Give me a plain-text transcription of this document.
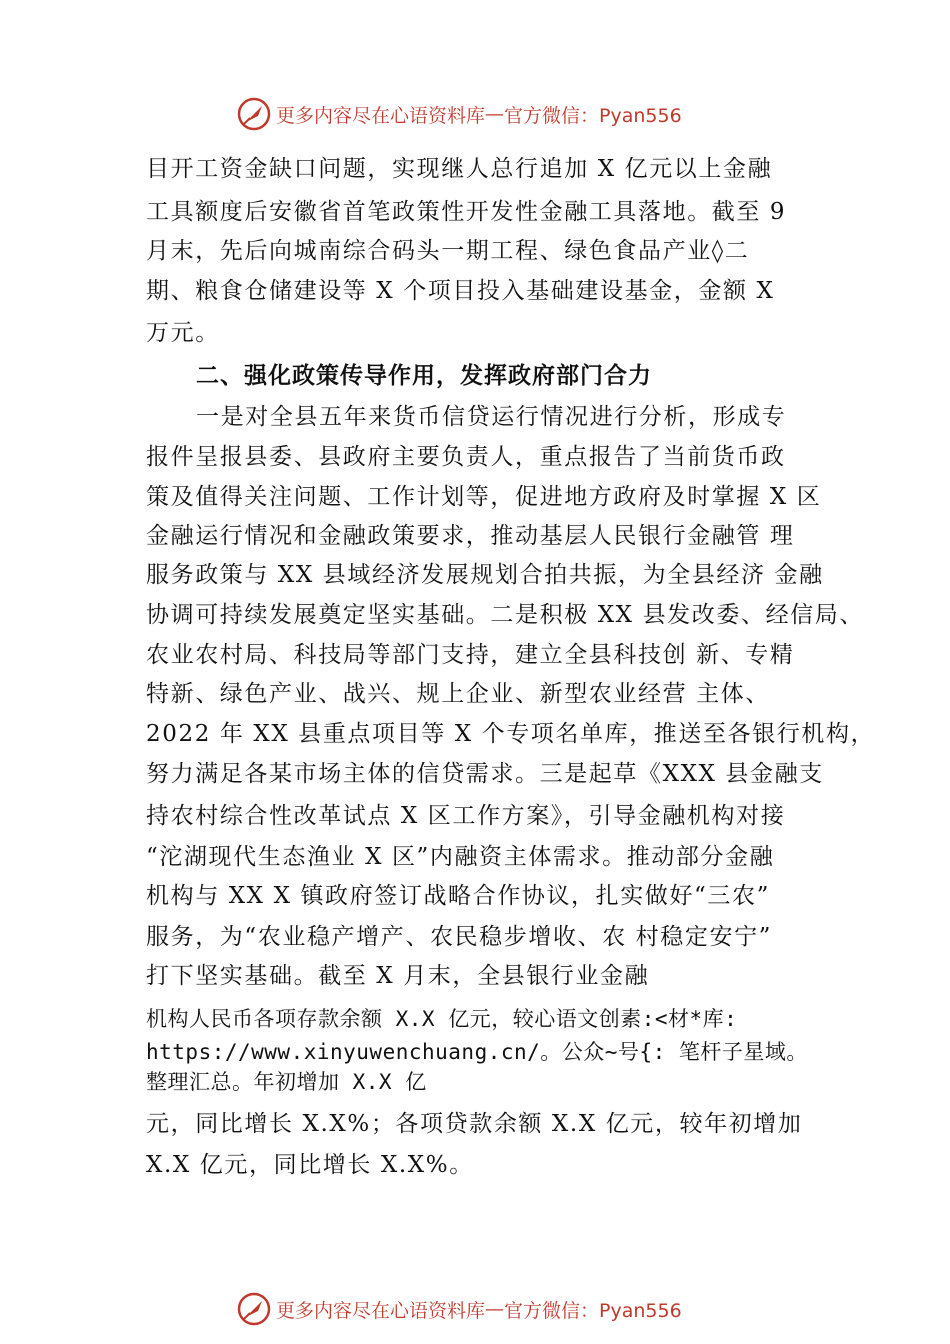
更多内容尽在心语资料库 — 官方微信：Pyan556
目开工资金缺口问题，实现继人总行追加 X 亿元以上金融
工具额度后安徽省首笔政策性开发性金融工具落地。截至 9
月末，先后向城南综合码头一期工程、绿色食品产业◊二
期、粮食仓储建设等 X 个项目投入基础建设基金，金额 X
万元。
二、强化政策传导作用，发挥政府部门合力
一是对全县五年来货币信贷运行情况进行分析，形成专
报件呈报县委、县政府主要负责人，重点报告了当前货币政
策及值得关注问题、工作计划等，促进地方政府及时掌握 X 区
金融运行情况和金融政策要求，推动基层人民银行金融管 理
服务政策与 XX 县域经济发展规划合拍共振，为全县经济 金融
协调可持续发展奠定坚实基础。二是积极 XX 县发改委、经信局、
农业农村局、科技局等部门支持，建立全县科技创 新、专精
特新、绿色产业、战兴、规上企业、新型农业经营 主体、
2022 年 XX 县重点项目等 X 个专项名单库，推送至各银行机构，
努力满足各某市场主体的信贷需求。三是起草《XXX 县金融支
持农村综合性改革试点 X 区工作方案》，引导金融机构对接
“沱湖现代生态渔业 X 区”内融资主体需求。推动部分金融
机构与 XX X 镇政府签订战略合作协议，扎实做好“三农”
服务，为“农业稳产增产、农民稳步增收、农 村稳定安宁”
打下坚实基础。截至 X 月末，全县银行业金融
机构人民币各项存款余额 X.X 亿元，较心语文创素:<材*库:
https://www.xinyuwenchuang.cn/。公众~号{: 笔杆子星域。
整理汇总。年初增加 X.X 亿
元，同比增长 X.X%；各项贷款余额 X.X 亿元，较年初增加
X.X 亿元，同比增长 X.X%。
更多内容尽在心语资料库 — 官方微信：Pyan556
